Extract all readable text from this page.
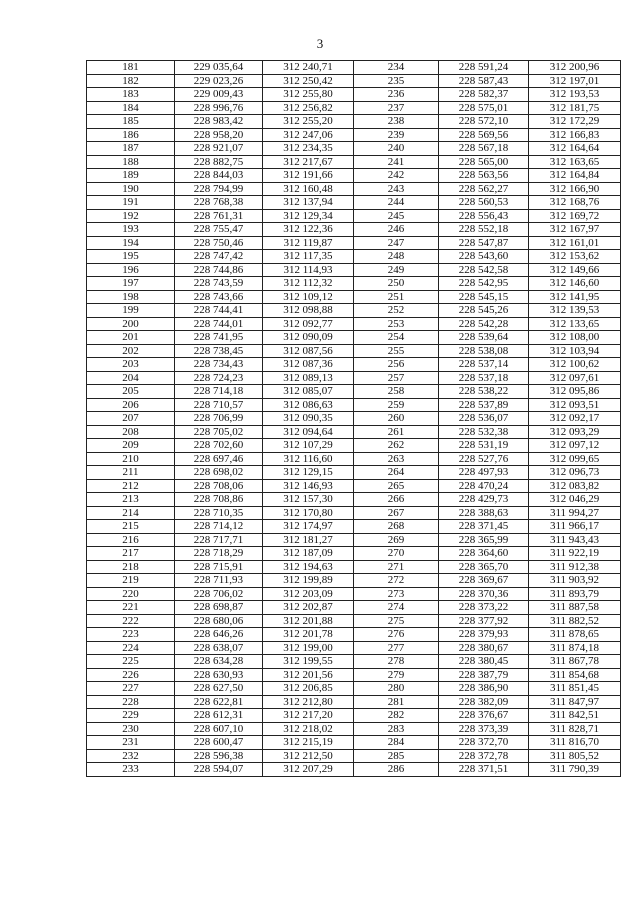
3
181	229 035,64	312 240,71	234	228 591,24	312 200,96
182	229 023,26	312 250,42	235	228 587,43	312 197,01
183	229 009,43	312 255,80	236	228 582,37	312 193,53
184	228 996,76	312 256,82	237	228 575,01	312 181,75
185	228 983,42	312 255,20	238	228 572,10	312 172,29
186	228 958,20	312 247,06	239	228 569,56	312 166,83
187	228 921,07	312 234,35	240	228 567,18	312 164,64
188	228 882,75	312 217,67	241	228 565,00	312 163,65
189	228 844,03	312 191,66	242	228 563,56	312 164,84
190	228 794,99	312 160,48	243	228 562,27	312 166,90
191	228 768,38	312 137,94	244	228 560,53	312 168,76
192	228 761,31	312 129,34	245	228 556,43	312 169,72
193	228 755,47	312 122,36	246	228 552,18	312 167,97
194	228 750,46	312 119,87	247	228 547,87	312 161,01
195	228 747,42	312 117,35	248	228 543,60	312 153,62
196	228 744,86	312 114,93	249	228 542,58	312 149,66
197	228 743,59	312 112,32	250	228 542,95	312 146,60
198	228 743,66	312 109,12	251	228 545,15	312 141,95
199	228 744,41	312 098,88	252	228 545,26	312 139,53
200	228 744,01	312 092,77	253	228 542,28	312 133,65
201	228 741,95	312 090,09	254	228 539,64	312 108,00
202	228 738,45	312 087,56	255	228 538,08	312 103,94
203	228 734,43	312 087,36	256	228 537,14	312 100,62
204	228 724,23	312 089,13	257	228 537,18	312 097,61
205	228 714,18	312 085,07	258	228 538,22	312 095,86
206	228 710,57	312 086,63	259	228 537,89	312 093,51
207	228 706,99	312 090,35	260	228 536,07	312 092,17
208	228 705,02	312 094,64	261	228 532,38	312 093,29
209	228 702,60	312 107,29	262	228 531,19	312 097,12
210	228 697,46	312 116,60	263	228 527,76	312 099,65
211	228 698,02	312 129,15	264	228 497,93	312 096,73
212	228 708,06	312 146,93	265	228 470,24	312 083,82
213	228 708,86	312 157,30	266	228 429,73	312 046,29
214	228 710,35	312 170,80	267	228 388,63	311 994,27
215	228 714,12	312 174,97	268	228 371,45	311 966,17
216	228 717,71	312 181,27	269	228 365,99	311 943,43
217	228 718,29	312 187,09	270	228 364,60	311 922,19
218	228 715,91	312 194,63	271	228 365,70	311 912,38
219	228 711,93	312 199,89	272	228 369,67	311 903,92
220	228 706,02	312 203,09	273	228 370,36	311 893,79
221	228 698,87	312 202,87	274	228 373,22	311 887,58
222	228 680,06	312 201,88	275	228 377,92	311 882,52
223	228 646,26	312 201,78	276	228 379,93	311 878,65
224	228 638,07	312 199,00	277	228 380,67	311 874,18
225	228 634,28	312 199,55	278	228 380,45	311 867,78
226	228 630,93	312 201,56	279	228 387,79	311 854,68
227	228 627,50	312 206,85	280	228 386,90	311 851,45
228	228 622,81	312 212,80	281	228 382,09	311 847,97
229	228 612,31	312 217,20	282	228 376,67	311 842,51
230	228 607,10	312 218,02	283	228 373,39	311 828,71
231	228 600,47	312 215,19	284	228 372,70	311 816,70
232	228 596,38	312 212,50	285	228 372,78	311 805,52
233	228 594,07	312 207,29	286	228 371,51	311 790,39
